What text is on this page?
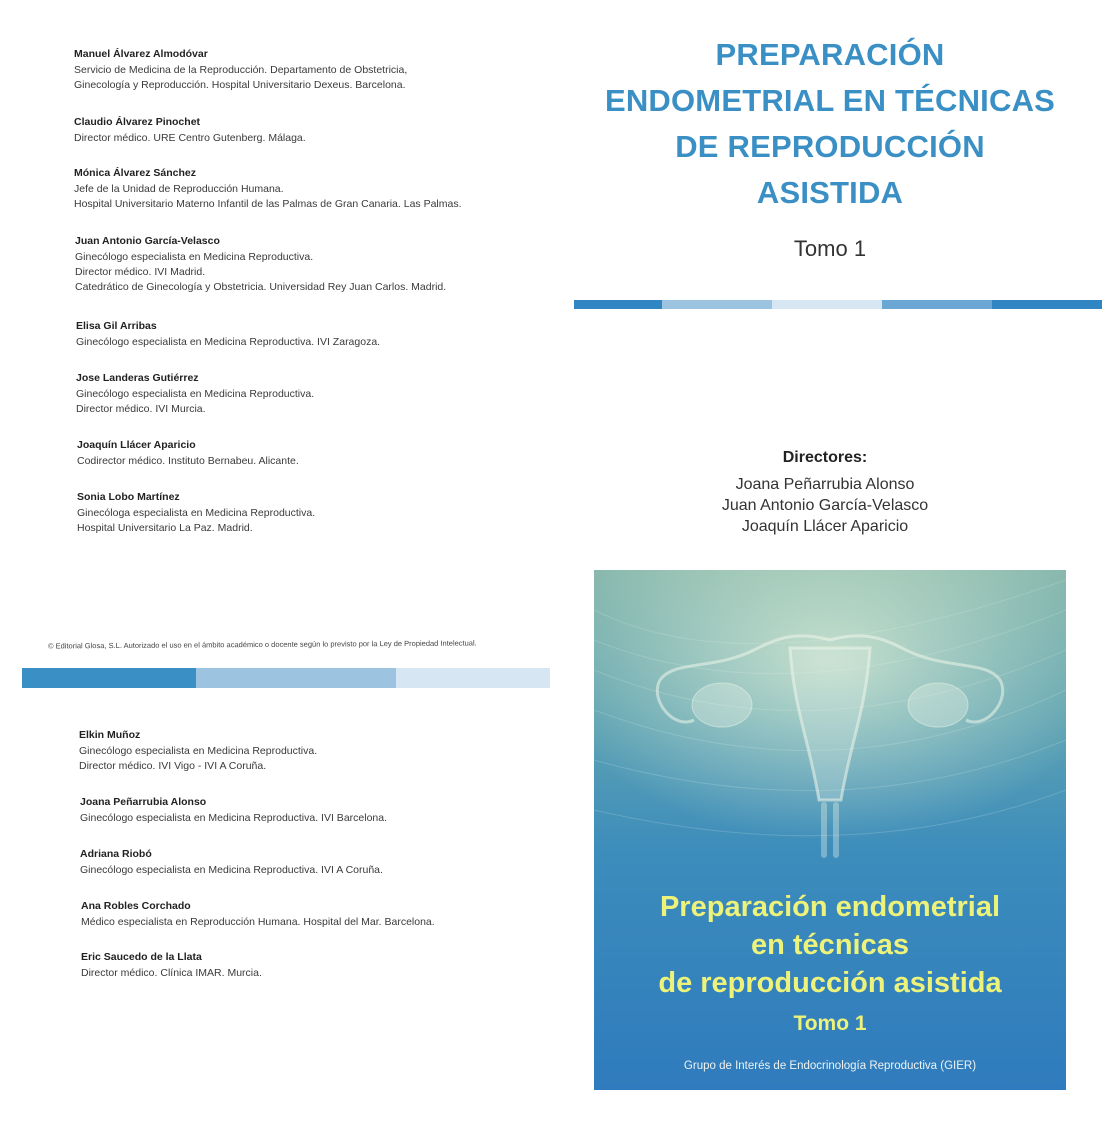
Manuel Álvarez Almodóvar
Servicio de Medicina de la Reproducción. Departamento de Obstetricia,
Ginecología y Reproducción. Hospital Universitario Dexeus. Barcelona.
Claudio Álvarez Pinochet
Director médico. URE Centro Gutenberg. Málaga.
Mónica Álvarez Sánchez
Jefe de la Unidad de Reproducción Humana.
Hospital Universitario Materno Infantil de las Palmas de Gran Canaria. Las Palmas.
Juan Antonio García-Velasco
Ginecólogo especialista en Medicina Reproductiva.
Director médico. IVI Madrid.
Catedrático de Ginecología y Obstetricia. Universidad Rey Juan Carlos. Madrid.
Elisa Gil Arribas
Ginecólogo especialista en Medicina Reproductiva. IVI Zaragoza.
Jose Landeras Gutiérrez
Ginecólogo especialista en Medicina Reproductiva.
Director médico. IVI Murcia.
Joaquín Llácer Aparicio
Codirector médico. Instituto Bernabeu. Alicante.
Sonia Lobo Martínez
Ginecóloga especialista en Medicina Reproductiva.
Hospital Universitario La Paz. Madrid.
PREPARACIÓN
ENDOMETRIAL EN TÉCNICAS
DE REPRODUCCIÓN
ASISTIDA
Tomo 1
Directores:
Joana Peñarrubia Alonso
Juan Antonio García-Velasco
Joaquín Llácer Aparicio
© Editorial Glosa, S.L. Autorizado el uso en el ámbito académico o docente según lo previsto por la Ley de Propiedad Intelectual.
Elkin Muñoz
Ginecólogo especialista en Medicina Reproductiva.
Director médico. IVI Vigo - IVI A Coruña.
Joana Peñarrubia Alonso
Ginecólogo especialista en Medicina Reproductiva. IVI Barcelona.
Adriana Riobó
Ginecólogo especialista en Medicina Reproductiva. IVI A Coruña.
Ana Robles Corchado
Médico especialista en Reproducción Humana. Hospital del Mar. Barcelona.
Eric Saucedo de la Llata
Director médico. Clínica IMAR. Murcia.
Preparación endometrial
en técnicas
de reproducción asistida
Tomo 1
Grupo de Interés de Endocrinología Reproductiva (GIER)
